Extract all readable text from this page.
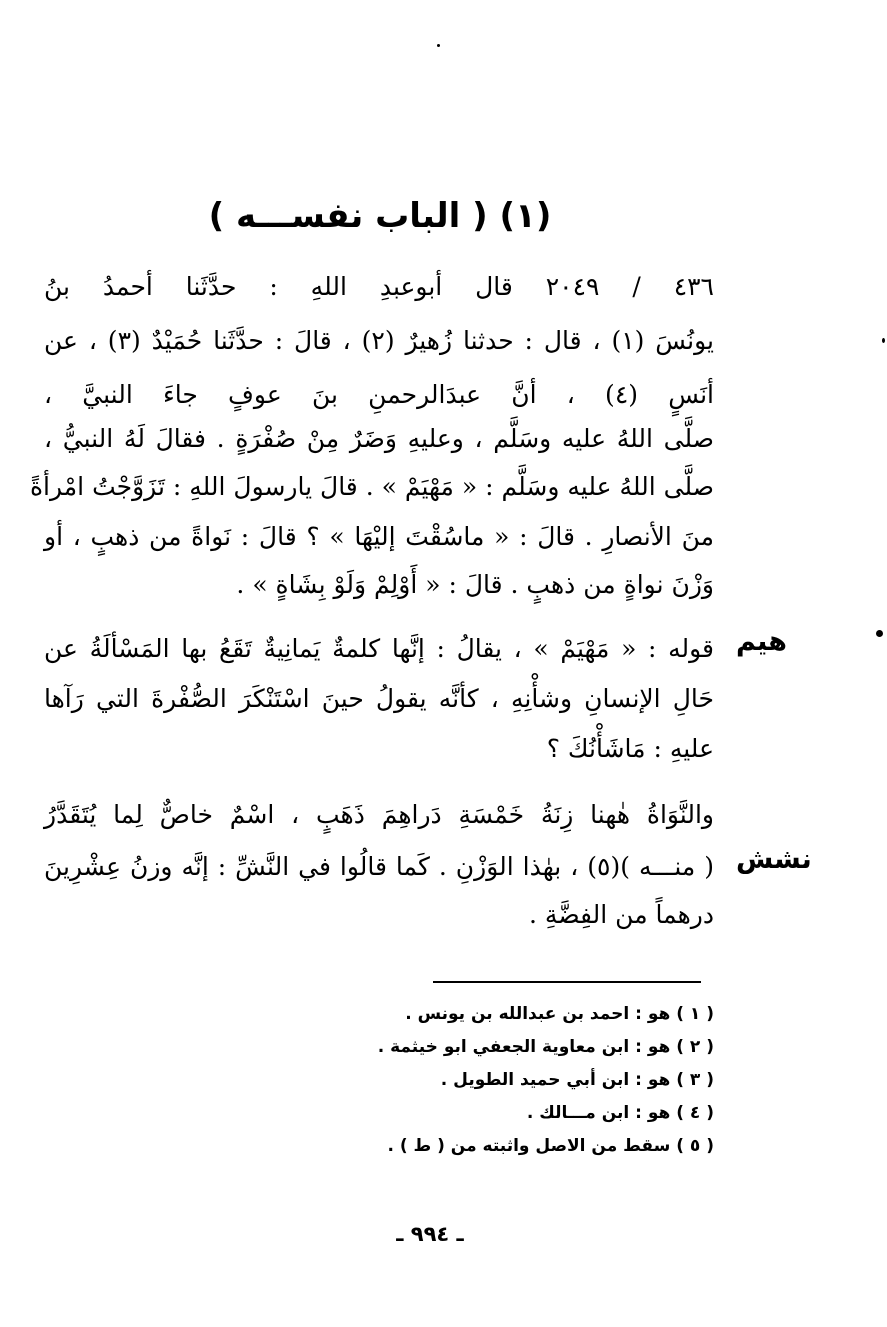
(١) ( الباب نفســـه )
٤٣٦ / ٢٠٤٩ قال أبوعبدِ اللهِ : حدَّثَنا أحمدُ بنُ
يونُسَ (١) ، قال : حدثنا زُهيرٌ (٢) ، قالَ : حدَّثَنا حُمَيْدٌ (٣) ، عن
أنَسٍ (٤) ، أنَّ عبدَالرحمنِ بنَ عوفٍ جاءَ النبيَّ ،
صلَّى اللهُ عليه وسَلَّم ، وعليهِ وَضَرٌ مِنْ صُفْرَةٍ . فقالَ لَهُ النبيُّ ،
صلَّى اللهُ عليه وسَلَّم : « مَهْيَمْ » . قالَ يارسولَ اللهِ : تَزَوَّجْتُ امْرأةً
منَ الأنصارِ . قالَ : « ماسُقْتَ إليْهَا » ؟ قالَ : نَواةً من ذهبٍ ، أو
وَزْنَ نواةٍ من ذهبٍ . قالَ : « أَوْلِمْ وَلَوْ بِشَاةٍ » .
هيم
قوله : « مَهْيَمْ » ، يقالُ : إنَّها كلمةٌ يَمانِيةٌ تَقَعُ بها المَسْألَةُ عن
حَالِ الإنسانِ وشأْنِهِ ، كأنَّه يقولُ حينَ اسْتَنْكَرَ الصُّفْرةَ التي رَآها
عليهِ : مَاشَأْنُكَ ؟
نشش
والنَّوَاةُ هٰهنا زِنَةُ خَمْسَةِ دَراهِمَ ذَهَبٍ ، اسْمٌ خاصٌّ لِما يُتَقَدَّرُ
( منـــه )(٥) ، بهٰذا الوَزْنِ . كَما قالُوا في النَّشِّ : إنَّه وزنُ عِشْرِينَ
درهماً من الفِضَّةِ .
( ١ ) هو : احمد بن عبدالله بن يونس .
( ٢ ) هو : ابن معاوية الجعفي ابو خيثمة .
( ٣ ) هو : ابن أبي حميد الطويل .
( ٤ ) هو : ابن مـــالك .
( ٥ ) سقط من الاصل واثبته من ( ط ) .
ـ ٩٩٤ ـ
